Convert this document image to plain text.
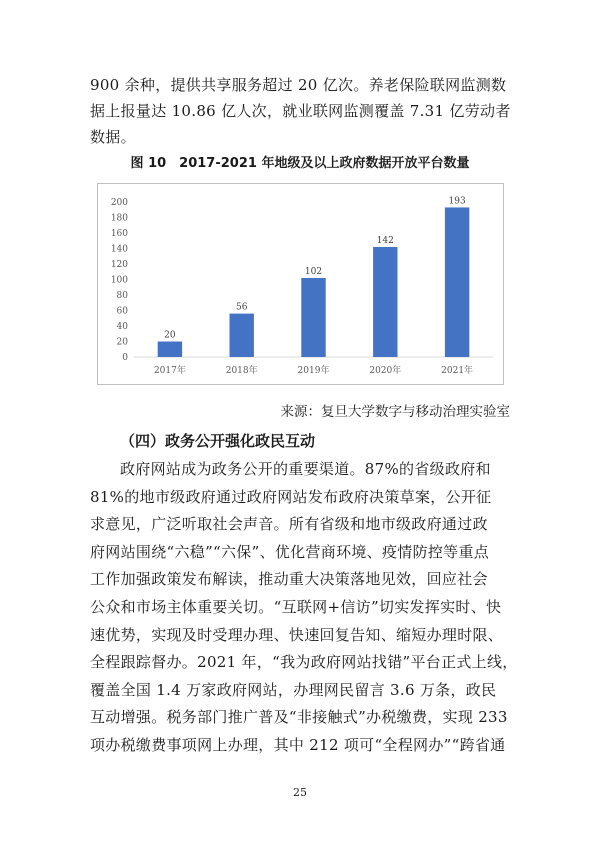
900 余种，提供共享服务超过 20 亿次。养老保险联网监测数
据上报量达 10.86 亿人次，就业联网监测覆盖 7.31 亿劳动者
数据。

图 10　2017-2021 年地级及以上政府数据开放平台数量

0
20
40
60
80
100
120
140
160
180
200
20
2017年
56
2018年
102
2019年
142
2020年
193
2021年

来源：复旦大学数字与移动治理实验室

（四）政务公开强化政民互动

政府网站成为政务公开的重要渠道。87%的省级政府和
81%的地市级政府通过政府网站发布政府决策草案，公开征
求意见，广泛听取社会声音。所有省级和地市级政府通过政
府网站围绕“六稳”“六保”、优化营商环境、疫情防控等重点
工作加强政策发布解读，推动重大决策落地见效，回应社会
公众和市场主体重要关切。“互联网+信访”切实发挥实时、快
速优势，实现及时受理办理、快速回复告知、缩短办理时限、
全程跟踪督办。2021 年，“我为政府网站找错”平台正式上线，
覆盖全国 1.4 万家政府网站，办理网民留言 3.6 万条，政民
互动增强。税务部门推广普及“非接触式”办税缴费，实现 233
项办税缴费事项网上办理，其中 212 项可“全程网办”“跨省通
25
